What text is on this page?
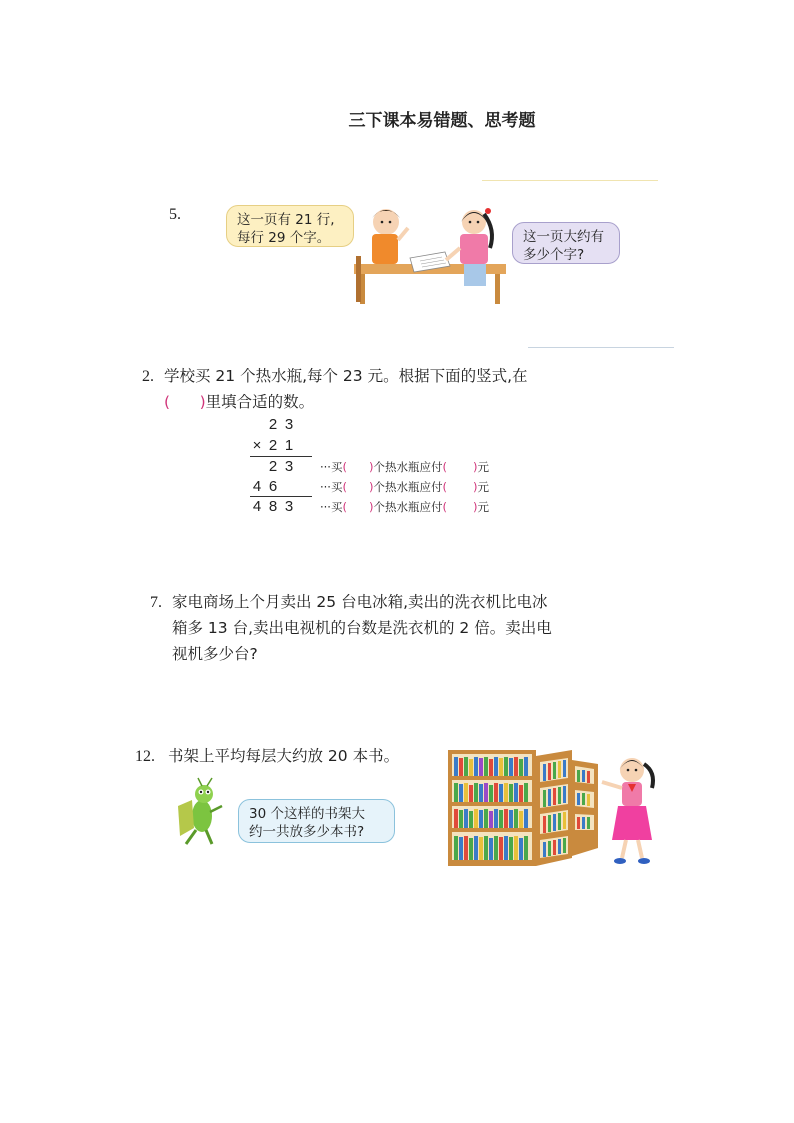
三下课本易错题、思考题
5.	这一页有 21 行,
每行 29 个字。	这一页大约有
多少个字?
2. 学校买 21 个热水瓶,每个 23 元。根据下面的竖式,在
(      )里填合适的数。
2 3
× 2 1
2 3
4 6
4 8 3
···买( )个热水瓶应付( )元
···买( )个热水瓶应付( )元
···买( )个热水瓶应付( )元
7. 家电商场上个月卖出 25 台电冰箱,卖出的洗衣机比电冰
箱多 13 台,卖出电视机的台数是洗衣机的 2 倍。卖出电
视机多少台?
12. 书架上平均每层大约放 20 本书。
30 个这样的书架大
约一共放多少本书?
